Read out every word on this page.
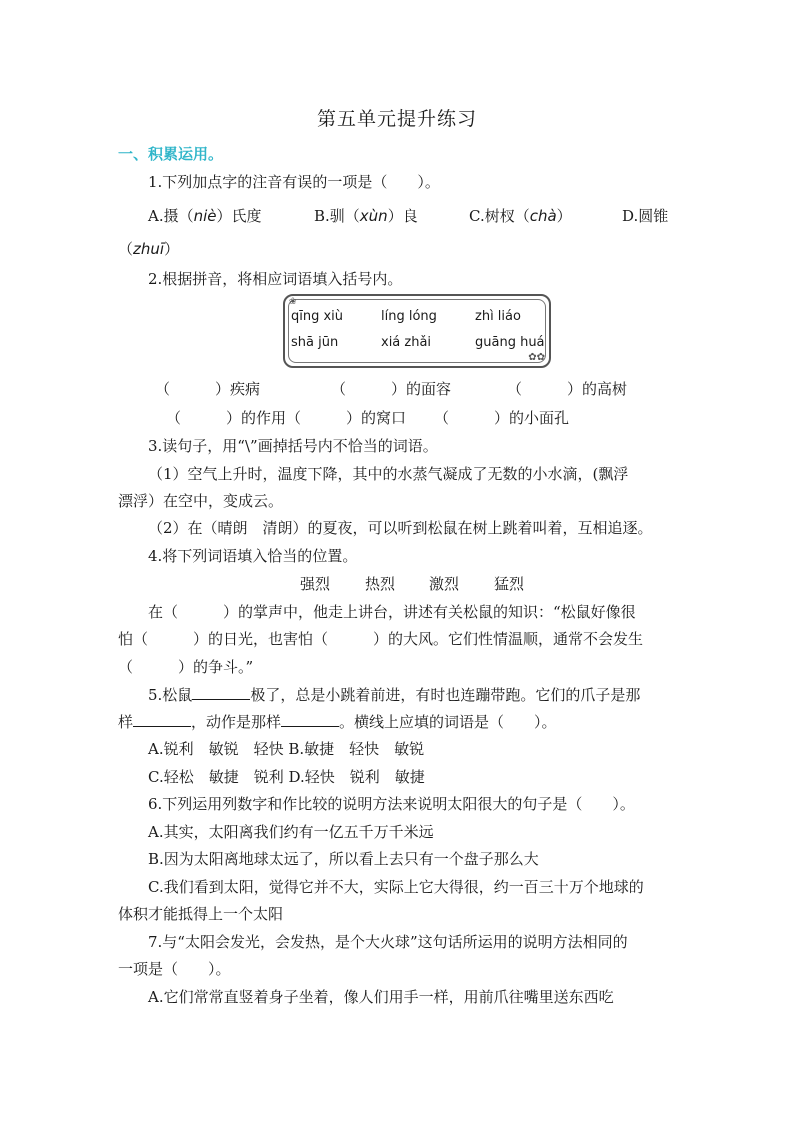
第五单元提升练习
一、积累运用。
1.下列加点字的注音有误的一项是（　　）。
A.摄（niè）氏度	B.驯（xùn）良	C.树杈（chà）	D.圆锥
（zhuī）
2.根据拼音，将相应词语填入括号内。
qīng xiù	líng lóng	zhì liáo
shā jūn	xiá zhǎi	guāng huá
✿✿
❀
（　　　）疾病	（　　　）的面容	（　　　）的高树
（　　　）的作用（　　　）的窝口 （　　　）的小面孔
3.读句子，用“\”画掉括号内不恰当的词语。
（1）空气上升时，温度下降，其中的水蒸气凝成了无数的小水滴，(飘浮
漂浮）在空中，变成云。
（2）在（晴朗　清朗）的夏夜，可以听到松鼠在树上跳着叫着，互相追逐。
4.将下列词语填入恰当的位置。
强烈 热烈 激烈 猛烈
在（　　　）的掌声中，他走上讲台，讲述有关松鼠的知识：“松鼠好像很
怕（　　　）的日光，也害怕（　　　）的大风。它们性情温顺，通常不会发生
（　　　）的争斗。”
5.松鼠	极了，总是小跳着前进，有时也连蹦带跑。它们的爪子是那
样	，动作是那样	。横线上应填的词语是（　　）。
A.锐利　敏锐　轻快 B.敏捷　轻快　敏锐
C.轻松　敏捷　锐利 D.轻快　锐利　敏捷
6.下列运用列数字和作比较的说明方法来说明太阳很大的句子是（　　）。
A.其实，太阳离我们约有一亿五千万千米远
B.因为太阳离地球太远了，所以看上去只有一个盘子那么大
C.我们看到太阳，觉得它并不大，实际上它大得很，约一百三十万个地球的
体积才能抵得上一个太阳
7.与“太阳会发光，会发热，是个大火球”这句话所运用的说明方法相同的
一项是（　　）。
A.它们常常直竖着身子坐着，像人们用手一样，用前爪往嘴里送东西吃
